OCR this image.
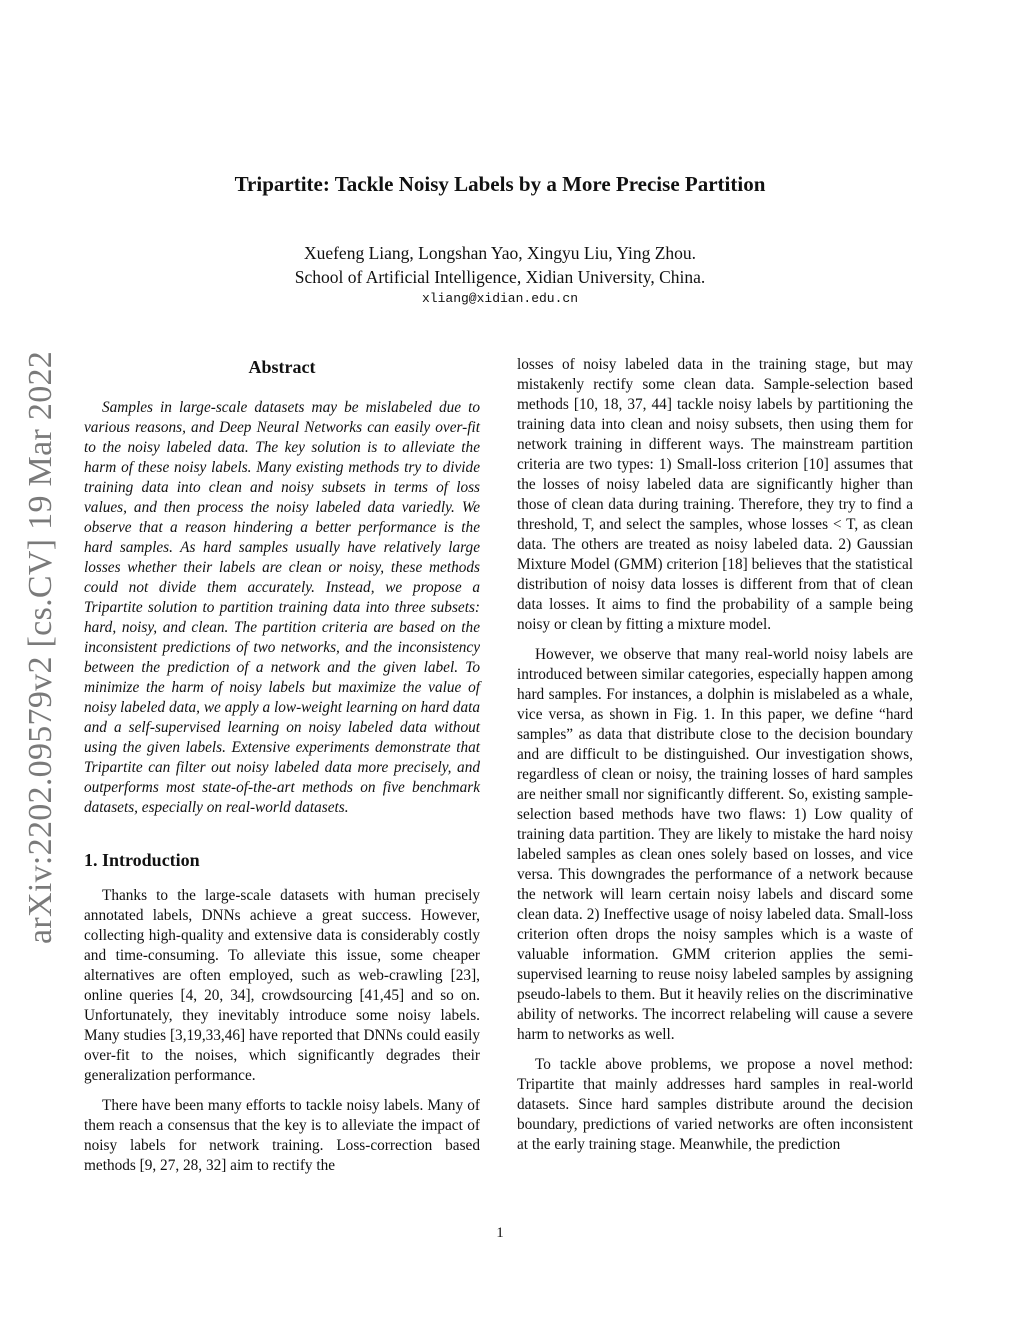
Tripartite: Tackle Noisy Labels by a More Precise Partition
Xuefeng Liang, Longshan Yao, Xingyu Liu, Ying Zhou.
School of Artificial Intelligence, Xidian University, China.
xliang@xidian.edu.cn
arXiv:2202.09579v2 [cs.CV] 19 Mar 2022	Abstract

Samples in large-scale datasets may be mislabeled due to various reasons, and Deep Neural Networks can easily over-fit to the noisy labeled data. The key solution is to alleviate the harm of these noisy labels. Many existing methods try to divide training data into clean and noisy subsets in terms of loss values, and then process the noisy labeled data variedly. We observe that a reason hindering a better performance is the hard samples. As hard samples usually have relatively large losses whether their labels are clean or noisy, these methods could not divide them accurately. Instead, we propose a Tripartite solution to partition training data into three subsets: hard, noisy, and clean. The partition criteria are based on the inconsistent predictions of two networks, and the inconsistency between the prediction of a network and the given label. To minimize the harm of noisy labels but maximize the value of noisy labeled data, we apply a low-weight learning on hard data and a self-supervised learning on noisy labeled data without using the given labels. Extensive experiments demonstrate that Tripartite can filter out noisy labeled data more precisely, and outperforms most state-of-the-art methods on five benchmark datasets, especially on real-world datasets.

1. Introduction

Thanks to the large-scale datasets with human precisely annotated labels, DNNs achieve a great success. However, collecting high-quality and extensive data is considerably costly and time-consuming. To alleviate this issue, some cheaper alternatives are often employed, such as web-crawling [23], online queries [4, 20, 34], crowdsourcing [41,45] and so on. Unfortunately, they inevitably introduce some noisy labels. Many studies [3,19,33,46] have reported that DNNs could easily over-fit to the noises, which significantly degrades their generalization performance.

There have been many efforts to tackle noisy labels. Many of them reach a consensus that the key is to alleviate the impact of noisy labels for network training. Loss-correction based methods [9, 27, 28, 32] aim to rectify the

losses of noisy labeled data in the training stage, but may mistakenly rectify some clean data. Sample-selection based methods [10, 18, 37, 44] tackle noisy labels by partitioning the training data into clean and noisy subsets, then using them for network training in different ways. The mainstream partition criteria are two types: 1) Small-loss criterion [10] assumes that the losses of noisy labeled data are significantly higher than those of clean data during training. Therefore, they try to find a threshold, T, and select the samples, whose losses < T, as clean data. The others are treated as noisy labeled data. 2) Gaussian Mixture Model (GMM) criterion [18] believes that the statistical distribution of noisy data losses is different from that of clean data losses. It aims to find the probability of a sample being noisy or clean by fitting a mixture model.

However, we observe that many real-world noisy labels are introduced between similar categories, especially happen among hard samples. For instances, a dolphin is mislabeled as a whale, vice versa, as shown in Fig. 1. In this paper, we define “hard samples” as data that distribute close to the decision boundary and are difficult to be distinguished. Our investigation shows, regardless of clean or noisy, the training losses of hard samples are neither small nor significantly different. So, existing sample-selection based methods have two flaws: 1) Low quality of training data partition. They are likely to mistake the hard noisy labeled samples as clean ones solely based on losses, and vice versa. This downgrades the performance of a network because the network will learn certain noisy labels and discard some clean data. 2) Ineffective usage of noisy labeled data. Small-loss criterion often drops the noisy samples which is a waste of valuable information. GMM criterion applies the semi-supervised learning to reuse noisy labeled samples by assigning pseudo-labels to them. But it heavily relies on the discriminative ability of networks. The incorrect relabeling will cause a severe harm to networks as well.

To tackle above problems, we propose a novel method: Tripartite that mainly addresses hard samples in real-world datasets. Since hard samples distribute around the decision boundary, predictions of varied networks are often inconsistent at the early training stage. Meanwhile, the prediction

1
